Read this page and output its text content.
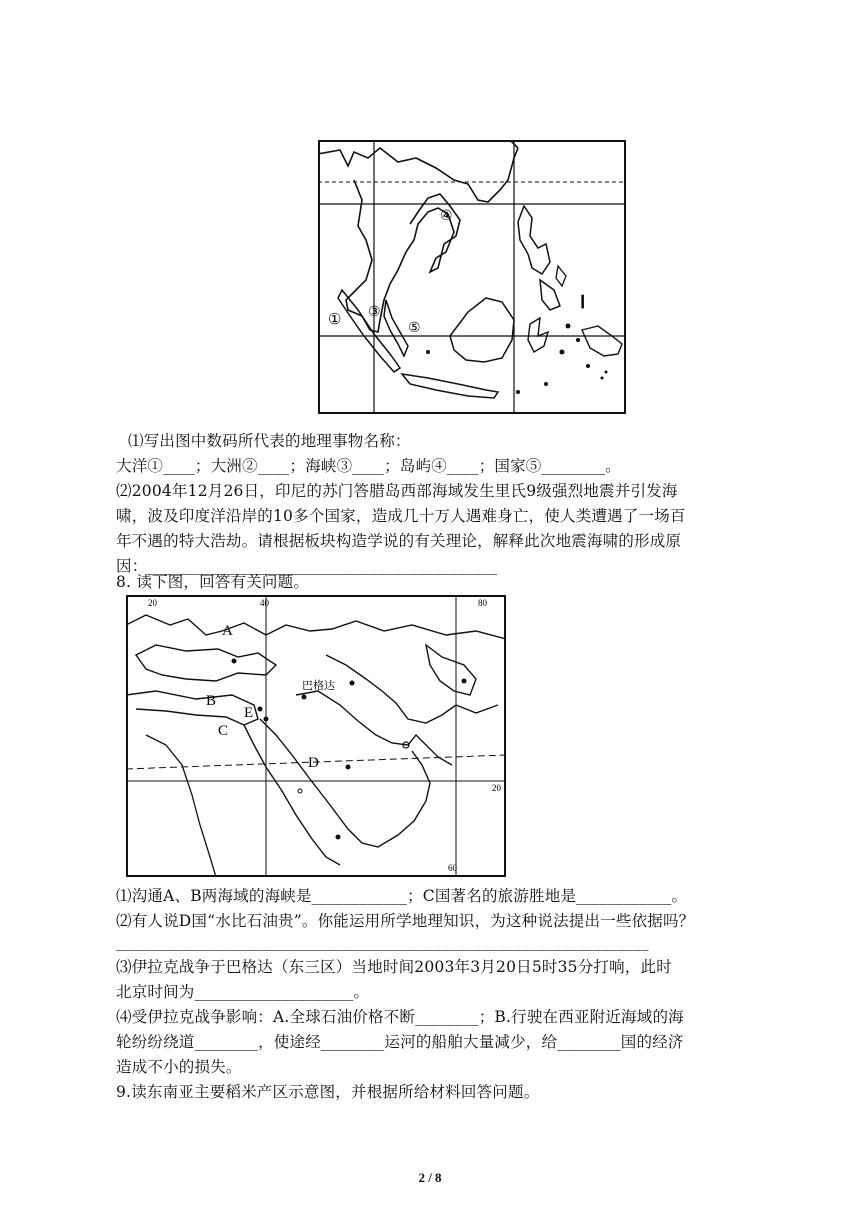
① ③
④
⑤
Ⅰ
A
B
C
D
E
巴格达
20	40
60
20
80
⑴写出图中数码所代表的地理事物名称：
大洋①____；大洲②____；海峡③____；岛屿④____；国家⑤________。
⑵2004年12月26日，印尼的苏门答腊岛西部海域发生里氏9级强烈地震并引发海
啸，波及印度洋沿岸的10多个国家，造成几十万人遇难身亡，使人类遭遇了一场百
年不遇的特大浩劫。请根据板块构造学说的有关理论，解释此次地震海啸的形成原
因：____________________________________________
8. 读下图，回答有关问题。
⑴沟通A、B两海域的海峡是____________；C国著名的旅游胜地是____________。
⑵有人说D国“水比石油贵”。你能运用所学地理知识，为这种说法提出一些依据吗？
___________________________________________________________________
⑶伊拉克战争于巴格达（东三区）当地时间2003年3月20日5时35分打响，此时
北京时间为____________________。
⑷受伊拉克战争影响：A.全球石油价格不断________；B.行驶在西亚附近海域的海
轮纷纷绕道________，使途经________运河的船舶大量减少，给________国的经济
造成不小的损失。
9.读东南亚主要稻米产区示意图，并根据所给材料回答问题。
2 / 8
